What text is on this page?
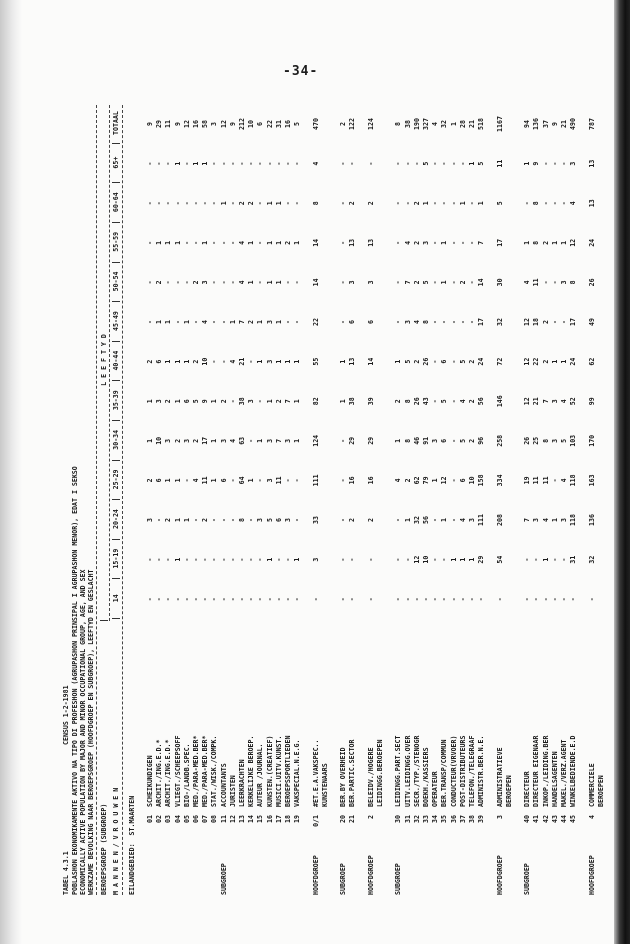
-34-

TABEL 4.3.1

CENSUS 1-2-1981

POBLASHON EKONOMIKAMENTE AKTIVO NA TIPO DI PROFESHON (AGRUPASHON PRINSIPAL I AGRUPASHON MENOR), EDAT I SEKSO ECONOMICALLY ACTIVE POPULATION BY MAJOR AND MINOR OCCUPATIONAL GROUP, AGE, AND SEX WERKZAME BEVOLKING NAAR BEROEPSGROEP (HOOFDGROEP EN SUBGROEP), LEEFTYD EN GESLACHT

BEROEPSGROEP (SUBGROEP)

L E E F T Y D

M A N N E N / V R O U W E N

14
15-19
20-24
25-29
30-34
35-39
40-44
45-49
50-54
55-59
60-64
65+
TOTAAL

EILANDGEBIED:  ST.MAARTEN

01
SCHEIKUNDIGEN
-
-
3
2
1
1
2
-
-
-
-
-
9
02
ARCHIT./ING.E.D.*
-
-
-
6
10
3
6
1
2
1
-
-
29
03
ARCHIT./ING.E.D.*
-
-
2
1
3
2
1
1
-
1
-
-
11
04
VLIEGT./SCHEEPSOFF
-
1
1
1
2
1
1
-
-
1
-
1
9
05
BIO-/LANDB.SPEC.
-
-
1
-
3
6
1
1
-
-
-
-
12
06
MED./PARA-MED.BER*
-
-
-
4
2
5
2
-
2
-
-
1
16
07
MED./PARA-MED.BER*
-
-
2
11
17
9
10
4
3
1
-
1
58
08
STAT./WISK./COMPK.
-
-
-
1
1
1
-
-
-
-
-
-
3
SUBGROEP
11
ACCOUNTANTS
-
-
-
6
3
2
-
-
-
-
1
-
12
12
JURISTEN
-
-
-
-
4
-
4
1
-
-
-
-
9
13
LEERKRACHTEN
-
-
8
64
63
38
21
7
4
4
2
-
212
14
KERKELIJKE BEROEP.
-
-
-
1
-
3
-
2
1
1
2
-
10
15
AUTEUR /JOURNAL.
-
-
3
-
1
-
1
1
-
-
-
-
6
16
KUNSTEN.(CREATIEF)
-
1
5
3
3
1
3
3
1
1
1
-
22
17
MUSICI.UITV.KUNST.
-
-
6
11
7
2
1
1
1
1
1
-
31
18
BEROEPSSPORTLIEDEN
-
-
3
-
3
7
1
-
-
2
-
-
16
19
VAKSPECIAL.N.E.G.
-
1
-
-
1
1
1
-
-
1
-
-
5
HOOFDGROEP
0/1
#ET.E.A.VAKSPEC..
-
3
33
111
124
82
55
22
14
14
8
4
470
KUNSTENAARS
SUBGROEP
20
BER.BY OVERHEID
-
-
-
-
-
1
1
-
-
-
-
-
2
21
BER.PARTIC.SECTOR
-
-
2
16
29
38
13
6
3
13
2
-
122
HOOFDGROEP
2
BELEIDV./HOGERE
-
-
2
16
29
39
14
6
3
13
2
-
124
LEIDINGG.BEROEPEN
SUBGROEP
30
LEIDINGG.PART.SECT
-
-
-
4
1
2
1
-
-
-
-
-
8
31
UITV.LEIDINGG.OVER
-
-
1
2
8
8
5
3
7
4
-
-
38
32
SECR./TYP./STENOGR
-
12
32
62
46
26
2
4
2
2
2
-
190
33
BOEKH./KASSIERS
-
10
56
79
91
43
26
8
5
3
1
5
327
34
OPERATEUR
-
-
-
1
3
-
-
-
-
-
-
-
4
35
BER.TRANSP/COMMUN
-
-
1
12
6
5
6
-
1
1
-
-
32
36
CONDUCTEUR(VRVOER)
-
1
-
-
-
-
-
-
-
-
-
-
1
37
POST-DISTRIBUTEURS
-
1
4
6
5
4
5
-
2
-
1
-
28
38
TELEFON./TELEGRAAF
-
1
3
10
2
2
2
-
-
-
-
1
21
39
ADMINISTR.BER.N.E.
-
29
111
158
96
56
24
17
14
7
1
5
518
HOOFDGROEP
3
ADMINISTRATIEVE
-
54
208
334
258
146
72
32
30
17
5
11
1167
BEROEPEN
SUBGROEP
40
DIRECTEUR
-
-
7
19
26
12
12
12
4
1
-
1
94
41
DIRECTEUR EIGENAAR
-
-
3
11
25
21
22
18
11
8
8
9
136
42
INKOP./LEIDING.BER
-
1
4
11
8
7
2
2
-
2
-
-
37
43
HANDELSAGENTEN
-
-
1
-
3
3
1
-
-
1
-
-
9
44
MAKEL./VERZ.AGENT
-
-
3
4
5
4
1
-
3
1
-
-
21
45
WINKELBEDIENDE.E.D
-
31
118
118
103
52
24
17
8
12
4
3
490
HOOFDGROEP
4
COMMERCIELE
-
32
136
163
170
99
62
49
26
24
13
13
787
BEROEPEN
